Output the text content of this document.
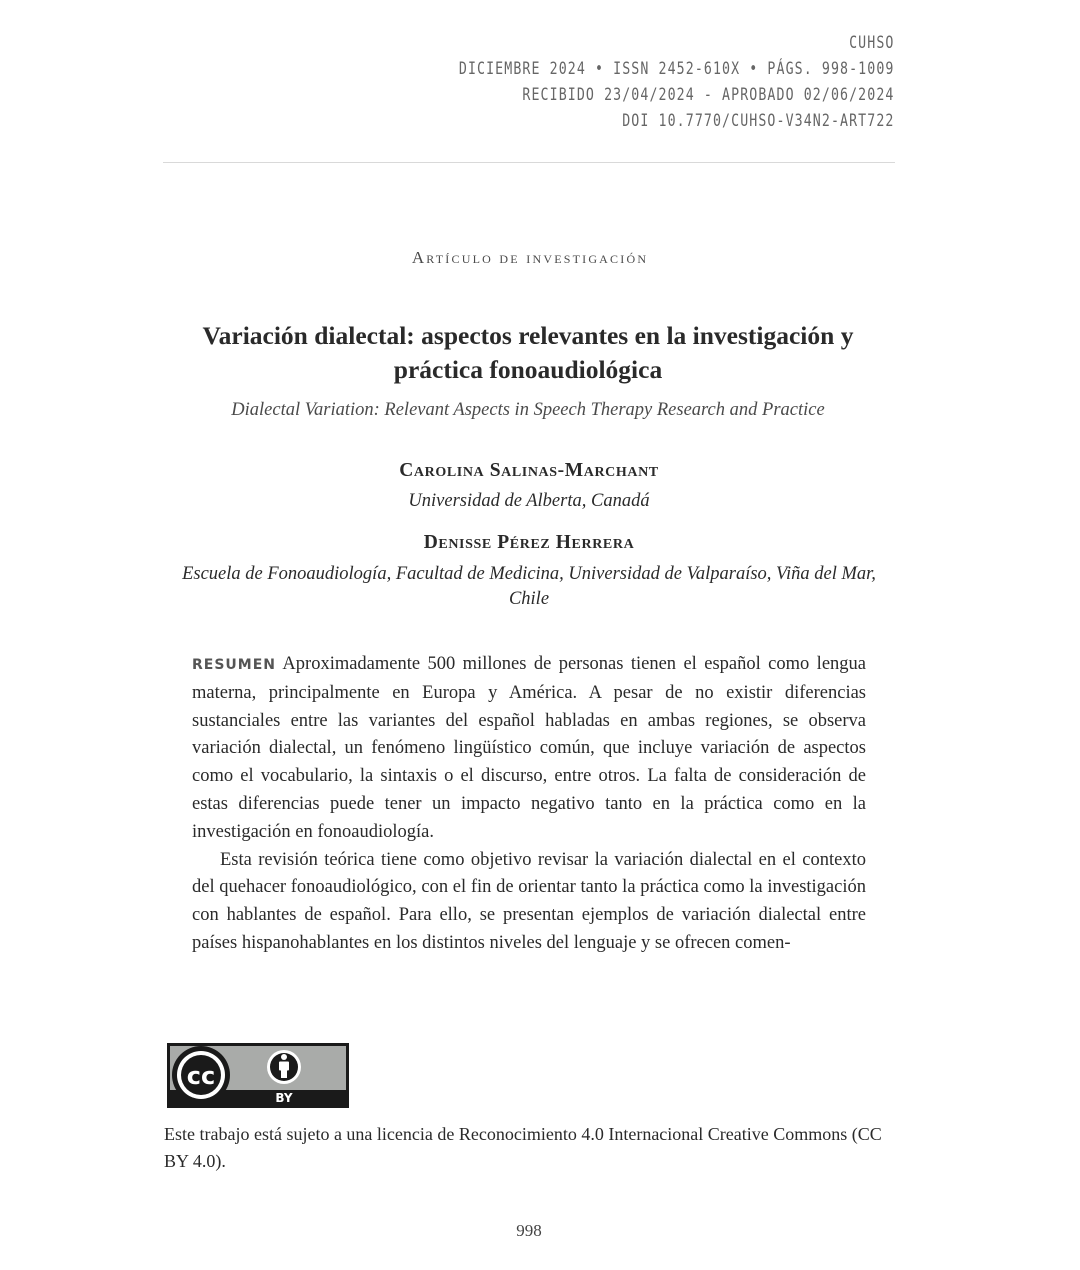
CUHSO
DICIEMBRE 2024 • ISSN 2452-610X • PÁGS. 998-1009
RECIBIDO 23/04/2024 - APROBADO 02/06/2024
DOI 10.7770/CUHSO-V34N2-ART722
Artículo de investigación
Variación dialectal: aspectos relevantes en la investigación y práctica fonoaudiológica
Dialectal Variation: Relevant Aspects in Speech Therapy Research and Practice
Carolina Salinas-Marchant
Universidad de Alberta, Canadá
Denisse Pérez Herrera
Escuela de Fonoaudiología, Facultad de Medicina, Universidad de Valparaíso, Viña del Mar, Chile

RESUMEN Aproximadamente 500 millones de personas tienen el español como lengua materna, principalmente en Europa y América. A pesar de no existir diferencias sustanciales entre las variantes del español habladas en ambas regiones, se observa variación dialectal, un fenómeno lingüístico común, que incluye variación de aspectos como el vocabulario, la sintaxis o el discurso, entre otros. La falta de consideración de estas diferencias puede tener un impacto negativo tanto en la práctica como en la investigación en fonoaudiología.

Esta revisión teórica tiene como objetivo revisar la variación dialectal en el contexto del quehacer fonoaudiológico, con el fin de orientar tanto la práctica como la investigación con hablantes de español. Para ello, se presentan ejemplos de variación dialectal entre países hispanohablantes en los distintos niveles del lenguaje y se ofrecen comen-

cc
BY
Este trabajo está sujeto a una licencia de Reconocimiento 4.0 Internacional Creative Commons (CC BY 4.0).
998
